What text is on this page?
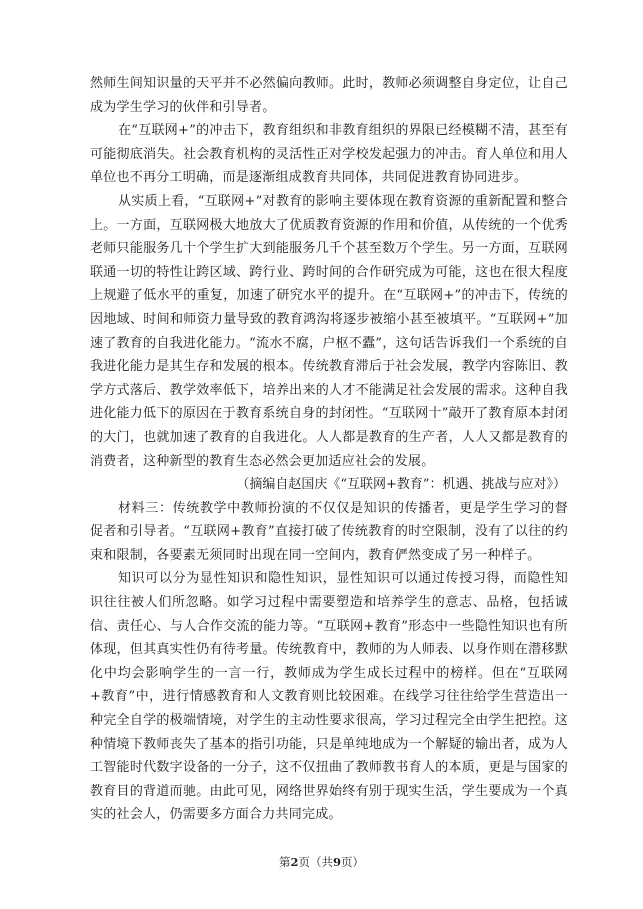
然师生间知识量的天平并不必然偏向教师。此时，教师必须调整自身定位，让自己成为学生学习的伙伴和引导者。

在“互联网+”的冲击下，教育组织和非教育组织的界限已经模糊不清，甚至有可能彻底消失。社会教育机构的灵活性正对学校发起强力的冲击。育人单位和用人单位也不再分工明确，而是逐渐组成教育共同体，共同促进教育协同进步。

从实质上看，“互联网+”对教育的影响主要体现在教育资源的重新配置和整合上。一方面，互联网极大地放大了优质教育资源的作用和价值，从传统的一个优秀老师只能服务几十个学生扩大到能服务几千个甚至数万个学生。另一方面，互联网联通一切的特性让跨区域、跨行业、跨时间的合作研究成为可能，这也在很大程度上规避了低水平的重复，加速了研究水平的提升。在“互联网+”的冲击下，传统的因地域、时间和师资力量导致的教育鸿沟将逐步被缩小甚至被填平。“互联网+”加速了教育的自我进化能力。“流水不腐，户枢不蠹”，这句话告诉我们一个系统的自我进化能力是其生存和发展的根本。传统教育滞后于社会发展，教学内容陈旧、教学方式落后、教学效率低下，培养出来的人才不能满足社会发展的需求。这种自我进化能力低下的原因在于教育系统自身的封闭性。“互联网十”敲开了教育原本封闭的大门，也就加速了教育的自我进化。人人都是教育的生产者，人人又都是教育的消费者，这种新型的教育生态必然会更加适应社会的发展。

（摘编自赵国庆《“互联网+教育”：机遇、挑战与应对》）

材料三：传统教学中教师扮演的不仅仅是知识的传播者，更是学生学习的督促者和引导者。“互联网+教育”直接打破了传统教育的时空限制，没有了以往的约束和限制，各要素无须同时出现在同一空间内，教育俨然变成了另一种样子。

知识可以分为显性知识和隐性知识，显性知识可以通过传授习得，而隐性知识往往被人们所忽略。如学习过程中需要塑造和培养学生的意志、品格，包括诚信、责任心、与人合作交流的能力等。“互联网+教育”形态中一些隐性知识也有所体现，但其真实性仍有待考量。传统教育中，教师的为人师表、以身作则在潜移默化中均会影响学生的一言一行，教师成为学生成长过程中的榜样。但在“互联网+教育”中，进行情感教育和人文教育则比较困难。在线学习往往给学生营造出一种完全自学的极端情境，对学生的主动性要求很高，学习过程完全由学生把控。这种情境下教师丧失了基本的指引功能，只是单纯地成为一个解疑的输出者，成为人工智能时代数字设备的一分子，这不仅扭曲了教师教书育人的本质，更是与国家的教育目的背道而驰。由此可见，网络世界始终有别于现实生活，学生要成为一个真实的社会人，仍需要多方面合力共同完成。

第2页（共9页）
